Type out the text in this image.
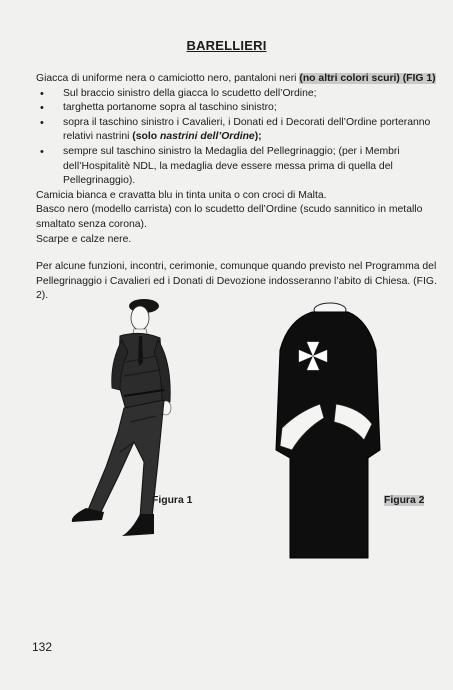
BARELLIERI

Giacca di uniforme nera o camiciotto nero, pantaloni neri (no altri colori scuri) (FIG 1)

• Sul braccio sinistro della giacca lo scudetto dell’Ordine;
• targhetta portanome sopra al taschino sinistro;
• sopra il taschino sinistro i Cavalieri, i Donati ed i Decorati dell’Ordine porteranno relativi nastrini (solo nastrini dell’Ordine);
• sempre sul taschino sinistro la Medaglia del Pellegrinaggio; (per i Membri dell’Hospitalitè NDL, la medaglia deve essere messa prima di quella del Pellegrinaggio).

Camicia bianca e cravatta blu in tinta unita o con croci di Malta.

Basco nero (modello carrista) con lo scudetto dell’Ordine (scudo sannitico in metallo smaltato senza corona).

Scarpe e calze nere.

Per alcune funzioni, incontri, cerimonie, comunque quando previsto nel Programma del Pellegrinaggio i Cavalieri ed i Donati di Devozione indosseranno l’abito di Chiesa. (FIG. 2).

Figura 1	Figura 2
132
